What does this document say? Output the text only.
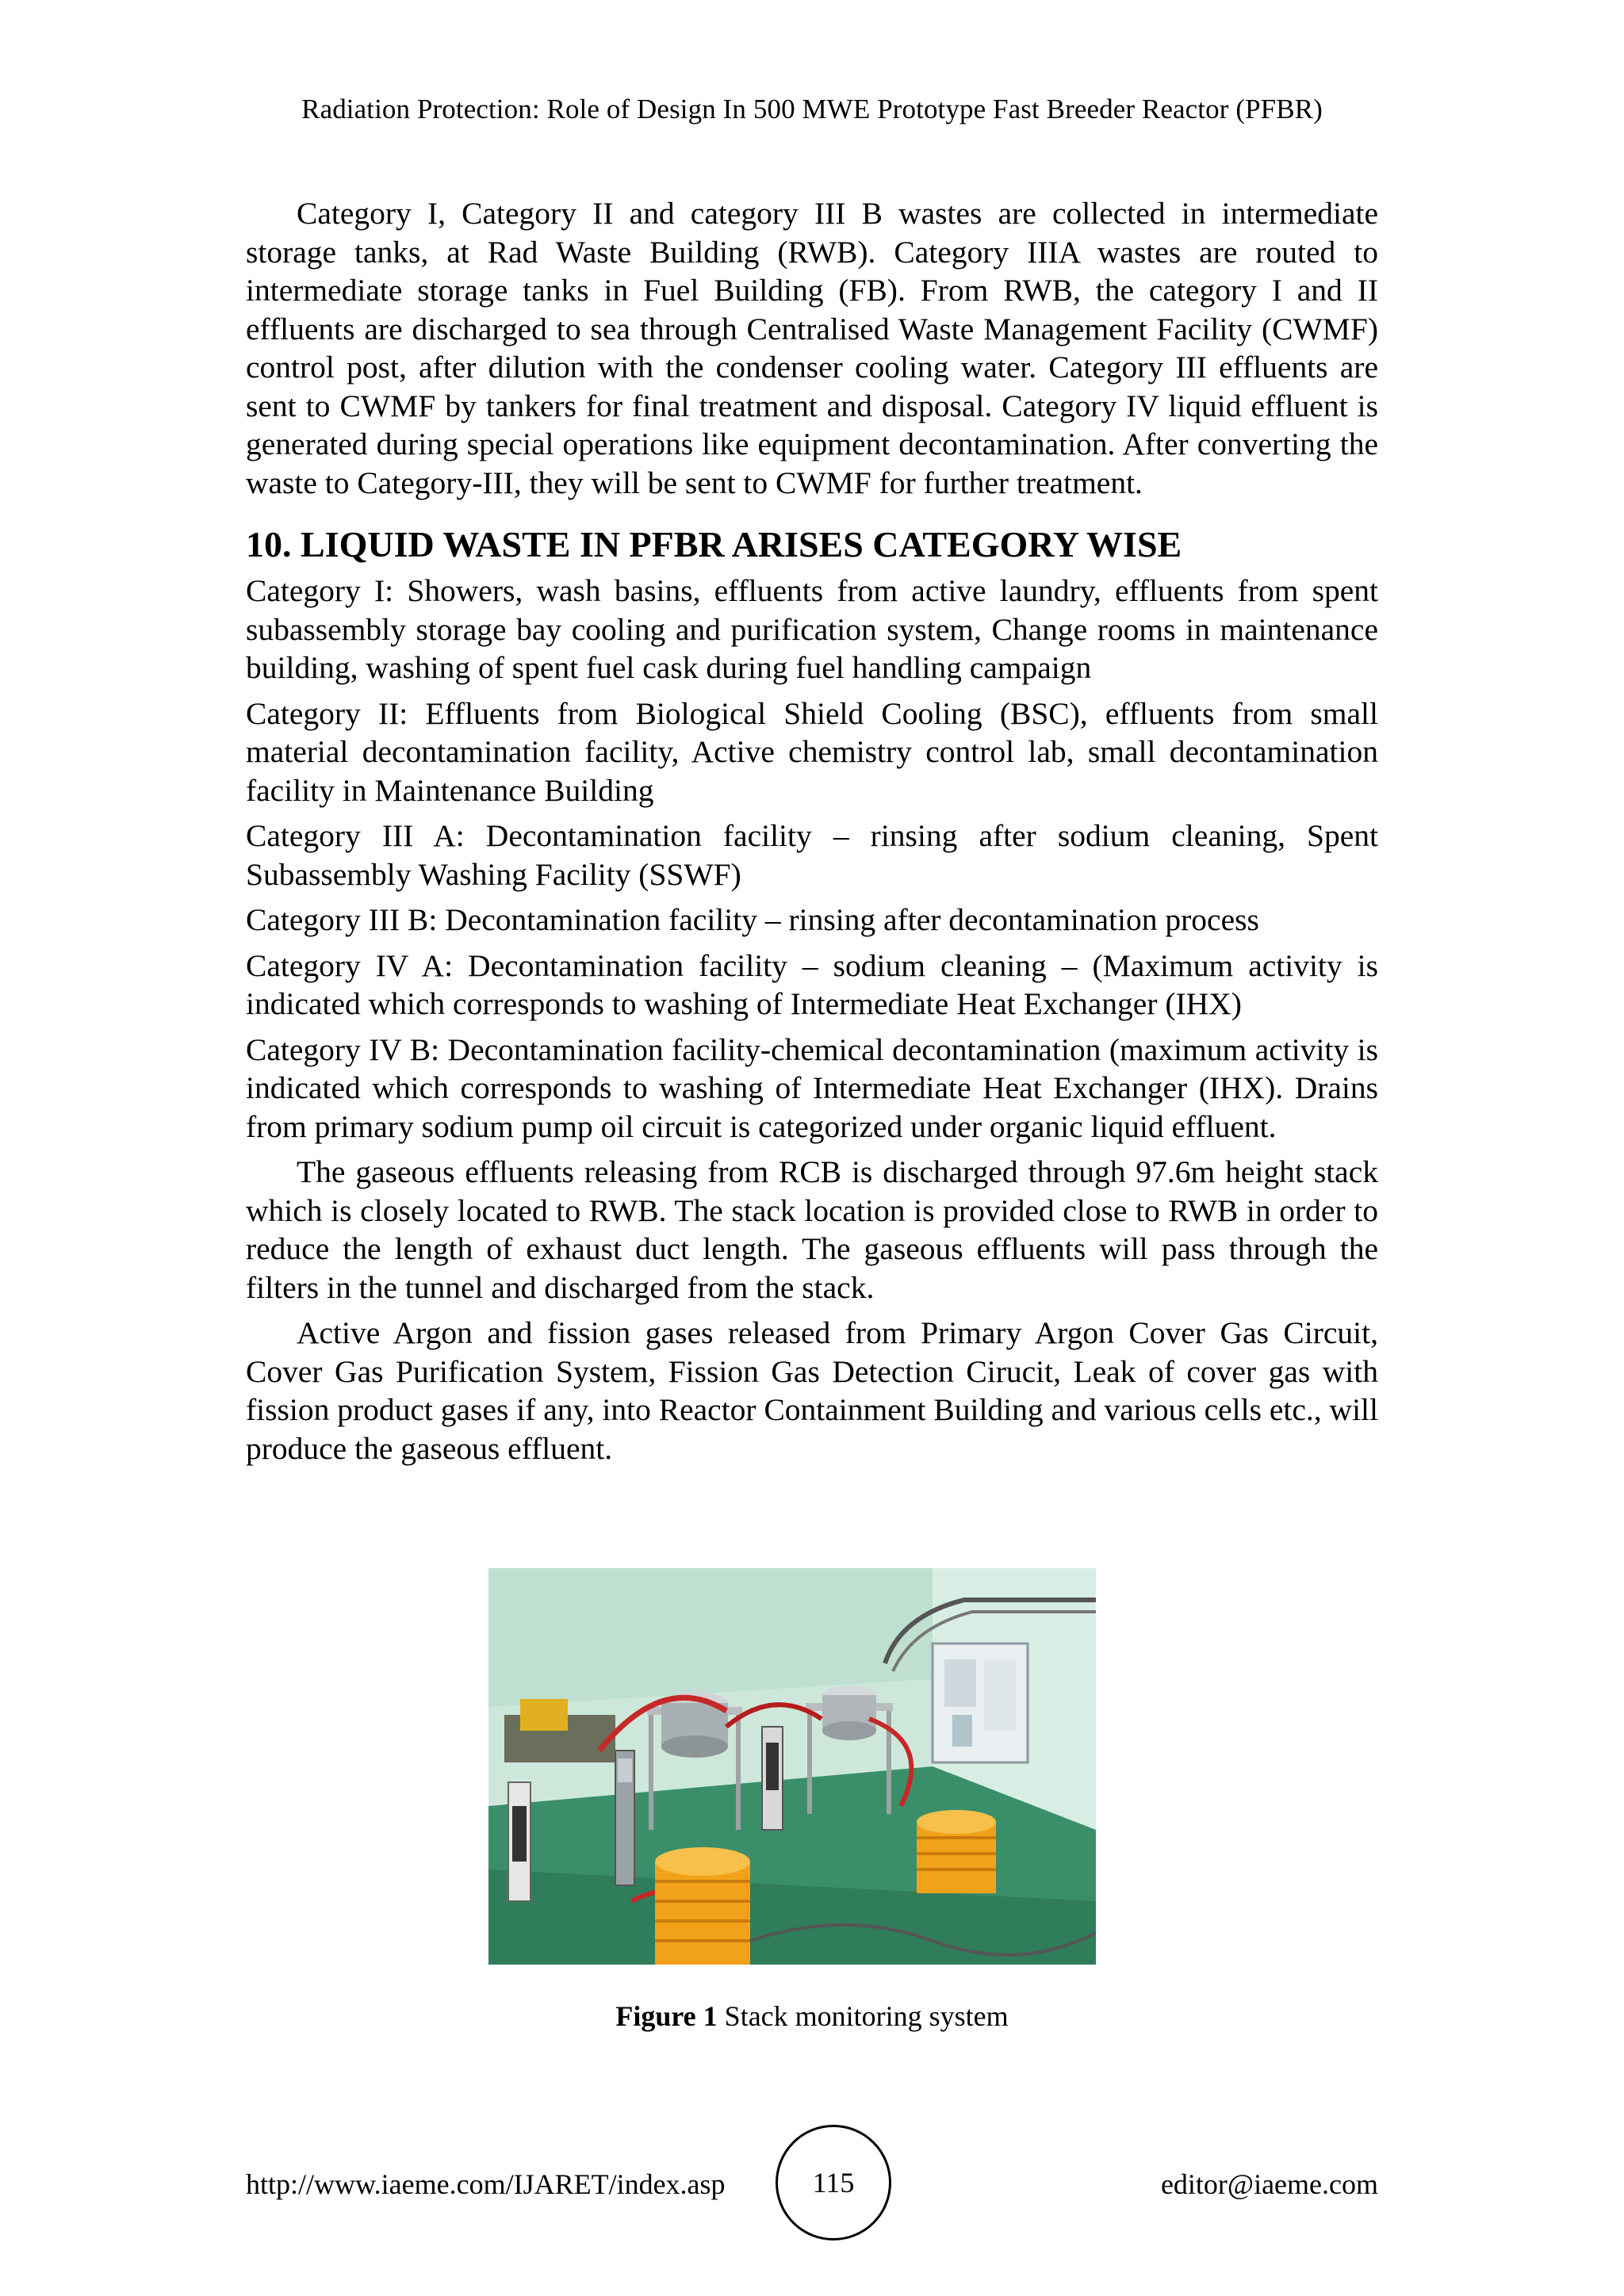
Radiation Protection: Role of Design In 500 MWE Prototype Fast Breeder Reactor (PFBR)

Category I, Category II and category III B wastes are collected in intermediate storage tanks, at Rad Waste Building (RWB). Category IIIA wastes are routed to intermediate storage tanks in Fuel Building (FB). From RWB, the category I and II effluents are discharged to sea through Centralised Waste Management Facility (CWMF) control post, after dilution with the condenser cooling water. Category III effluents are sent to CWMF by tankers for final treatment and disposal. Category IV liquid effluent is generated during special operations like equipment decontamination. After converting the waste to Category-III, they will be sent to CWMF for further treatment.

10. LIQUID WASTE IN PFBR ARISES CATEGORY WISE

Category I: Showers, wash basins, effluents from active laundry, effluents from spent subassembly storage bay cooling and purification system, Change rooms in maintenance building, washing of spent fuel cask during fuel handling campaign

Category II: Effluents from Biological Shield Cooling (BSC), effluents from small material decontamination facility, Active chemistry control lab, small decontamination facility in Maintenance Building

Category III A: Decontamination facility – rinsing after sodium cleaning, Spent Subassembly Washing Facility (SSWF)

Category III B: Decontamination facility – rinsing after decontamination process

Category IV A: Decontamination facility – sodium cleaning – (Maximum activity is indicated which corresponds to washing of Intermediate Heat Exchanger (IHX)

Category IV B: Decontamination facility-chemical decontamination (maximum activity is indicated which corresponds to washing of Intermediate Heat Exchanger (IHX). Drains from primary sodium pump oil circuit is categorized under organic liquid effluent.

The gaseous effluents releasing from RCB is discharged through 97.6m height stack which is closely located to RWB. The stack location is provided close to RWB in order to reduce the length of exhaust duct length. The gaseous effluents will pass through the filters in the tunnel and discharged from the stack.

Active Argon and fission gases released from Primary Argon Cover Gas Circuit, Cover Gas Purification System, Fission Gas Detection Cirucit, Leak of cover gas with fission product gases if any, into Reactor Containment Building and various cells etc., will produce the gaseous effluent.

Figure 1 Stack monitoring system
http://www.iaeme.com/IJARET/index.asp	115	editor@iaeme.com
